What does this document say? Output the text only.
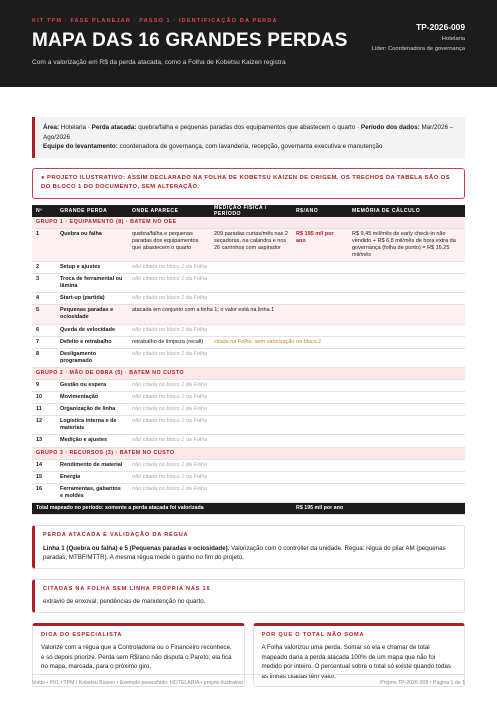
KIT TPM · FASE PLANEJAR · PASSO 1 · IDENTIFICAÇÃO DA PERDA
MAPA DAS 16 GRANDES PERDAS
Com a valorização em R$ da perda atacada, como a Folha de Kobetsu Kaizen registra
TP-2026-009
Hotelaria
Líder: Coordenadora de governança
Área: Hotelaria · Perda atacada: quebra/falha e pequenas paradas dos equipamentos que abastecem o quarto · Período dos dados: Mar/2026 – Ago/2026
Equipe do levantamento: coordenadora de governança, com lavanderia, recepção, governanta executiva e manutenção
● PROJETO ILUSTRATIVO: ASSIM DECLARADO NA FOLHA DE KOBETSU KAIZEN DE ORIGEM. OS TRECHOS DA TABELA SÃO OS DO BLOCO 1 DO DOCUMENTO, SEM ALTERAÇÃO.
Nº	GRANDE PERDA	ONDE APARECE	MEDIÇÃO FÍSICA / PERÍODO	R$/ANO	MEMÓRIA DE CÁLCULO
GRUPO 1 · EQUIPAMENTO (8) · BATEM NO OEE					
1	Quebra ou falha	quebra/falha e pequenas paradas dos equipamentos que abastecem o quarto	209 paradas curtas/mês nas 2 secadoras, na calandra e nos 26 carrinhos com aspirador	R$ 195 mil por ano	R$ 9,45 mil/mês de early check-in não vendido + R$ 6,8 mil/mês de hora extra da governança (folha de ponto) = R$ 16,25 mil/mês
2	Setup e ajustes	não citada no bloco 1 da Folha			
3	Troca de ferramental ou lâmina	não citada no bloco 1 da Folha			
4	Start-up (partida)	não citada no bloco 1 da Folha			
5	Pequenas paradas e ociosidade	atacada em conjunto com a linha 1; o valor está na linha 1			
6	Queda de velocidade	não citada no bloco 1 da Folha			
7	Defeito e retrabalho	retrabalho de limpeza (recall)	citada na Folha, sem valorização no bloco 1		
8	Desligamento programado	não citada no bloco 1 da Folha			
GRUPO 2 · MÃO DE OBRA (5) · BATEM NO CUSTO					
9	Gestão ou espera	não citada no bloco 1 da Folha			
10	Movimentação	não citada no bloco 1 da Folha			
11	Organização de linha	não citada no bloco 1 da Folha			
12	Logística interna e de materiais	não citada no bloco 1 da Folha			
13	Medição e ajustes	não citada no bloco 1 da Folha			
GRUPO 3 · RECURSOS (3) · BATEM NO CUSTO					
14	Rendimento de material	não citada no bloco 1 da Folha			
15	Energia	não citada no bloco 1 da Folha			
16	Ferramentas, gabaritos e moldes	não citada no bloco 1 da Folha			
Total mapeado no período: somente a perda atacada foi valorizada				R$ 195 mil por ano	
PERDA ATACADA E VALIDAÇÃO DA RÉGUA
Linha 1 (Quebra ou falha) e 5 (Pequenas paradas e ociosidade). Valorização com o controller da unidade. Régua: régua do pilar AM (pequenas paradas, MTBF/MTTR). A mesma régua mede o ganho no fim do projeto.
CITADAS NA FOLHA SEM LINHA PRÓPRIA NAS 16
extravio de enxoval; pendências de manutenção no quarto.
DICA DO ESPECIALISTA
Valorize com a régua que a Controladoria ou o Financeiro reconhece, e só depois priorize. Perda sem R$/ano não disputa o Pareto; ela fica no mapa, marcada, para o próximo giro.
POR QUE O TOTAL NÃO SOMA
A Folha valorizou uma perda. Somar só ela e chamar de total mapeado daria à perda atacada 100% de um mapa que não foi medido por inteiro. O percentual sobre o total só existe quando todas as linhas citadas têm valor.
Voitto • P01 • TPM / Kobetsu Kaizen • Exemplo preenchido: HOTELARIA • projeto ilustrativo	Projeto TP-2026-009 • Página 1 de 1
